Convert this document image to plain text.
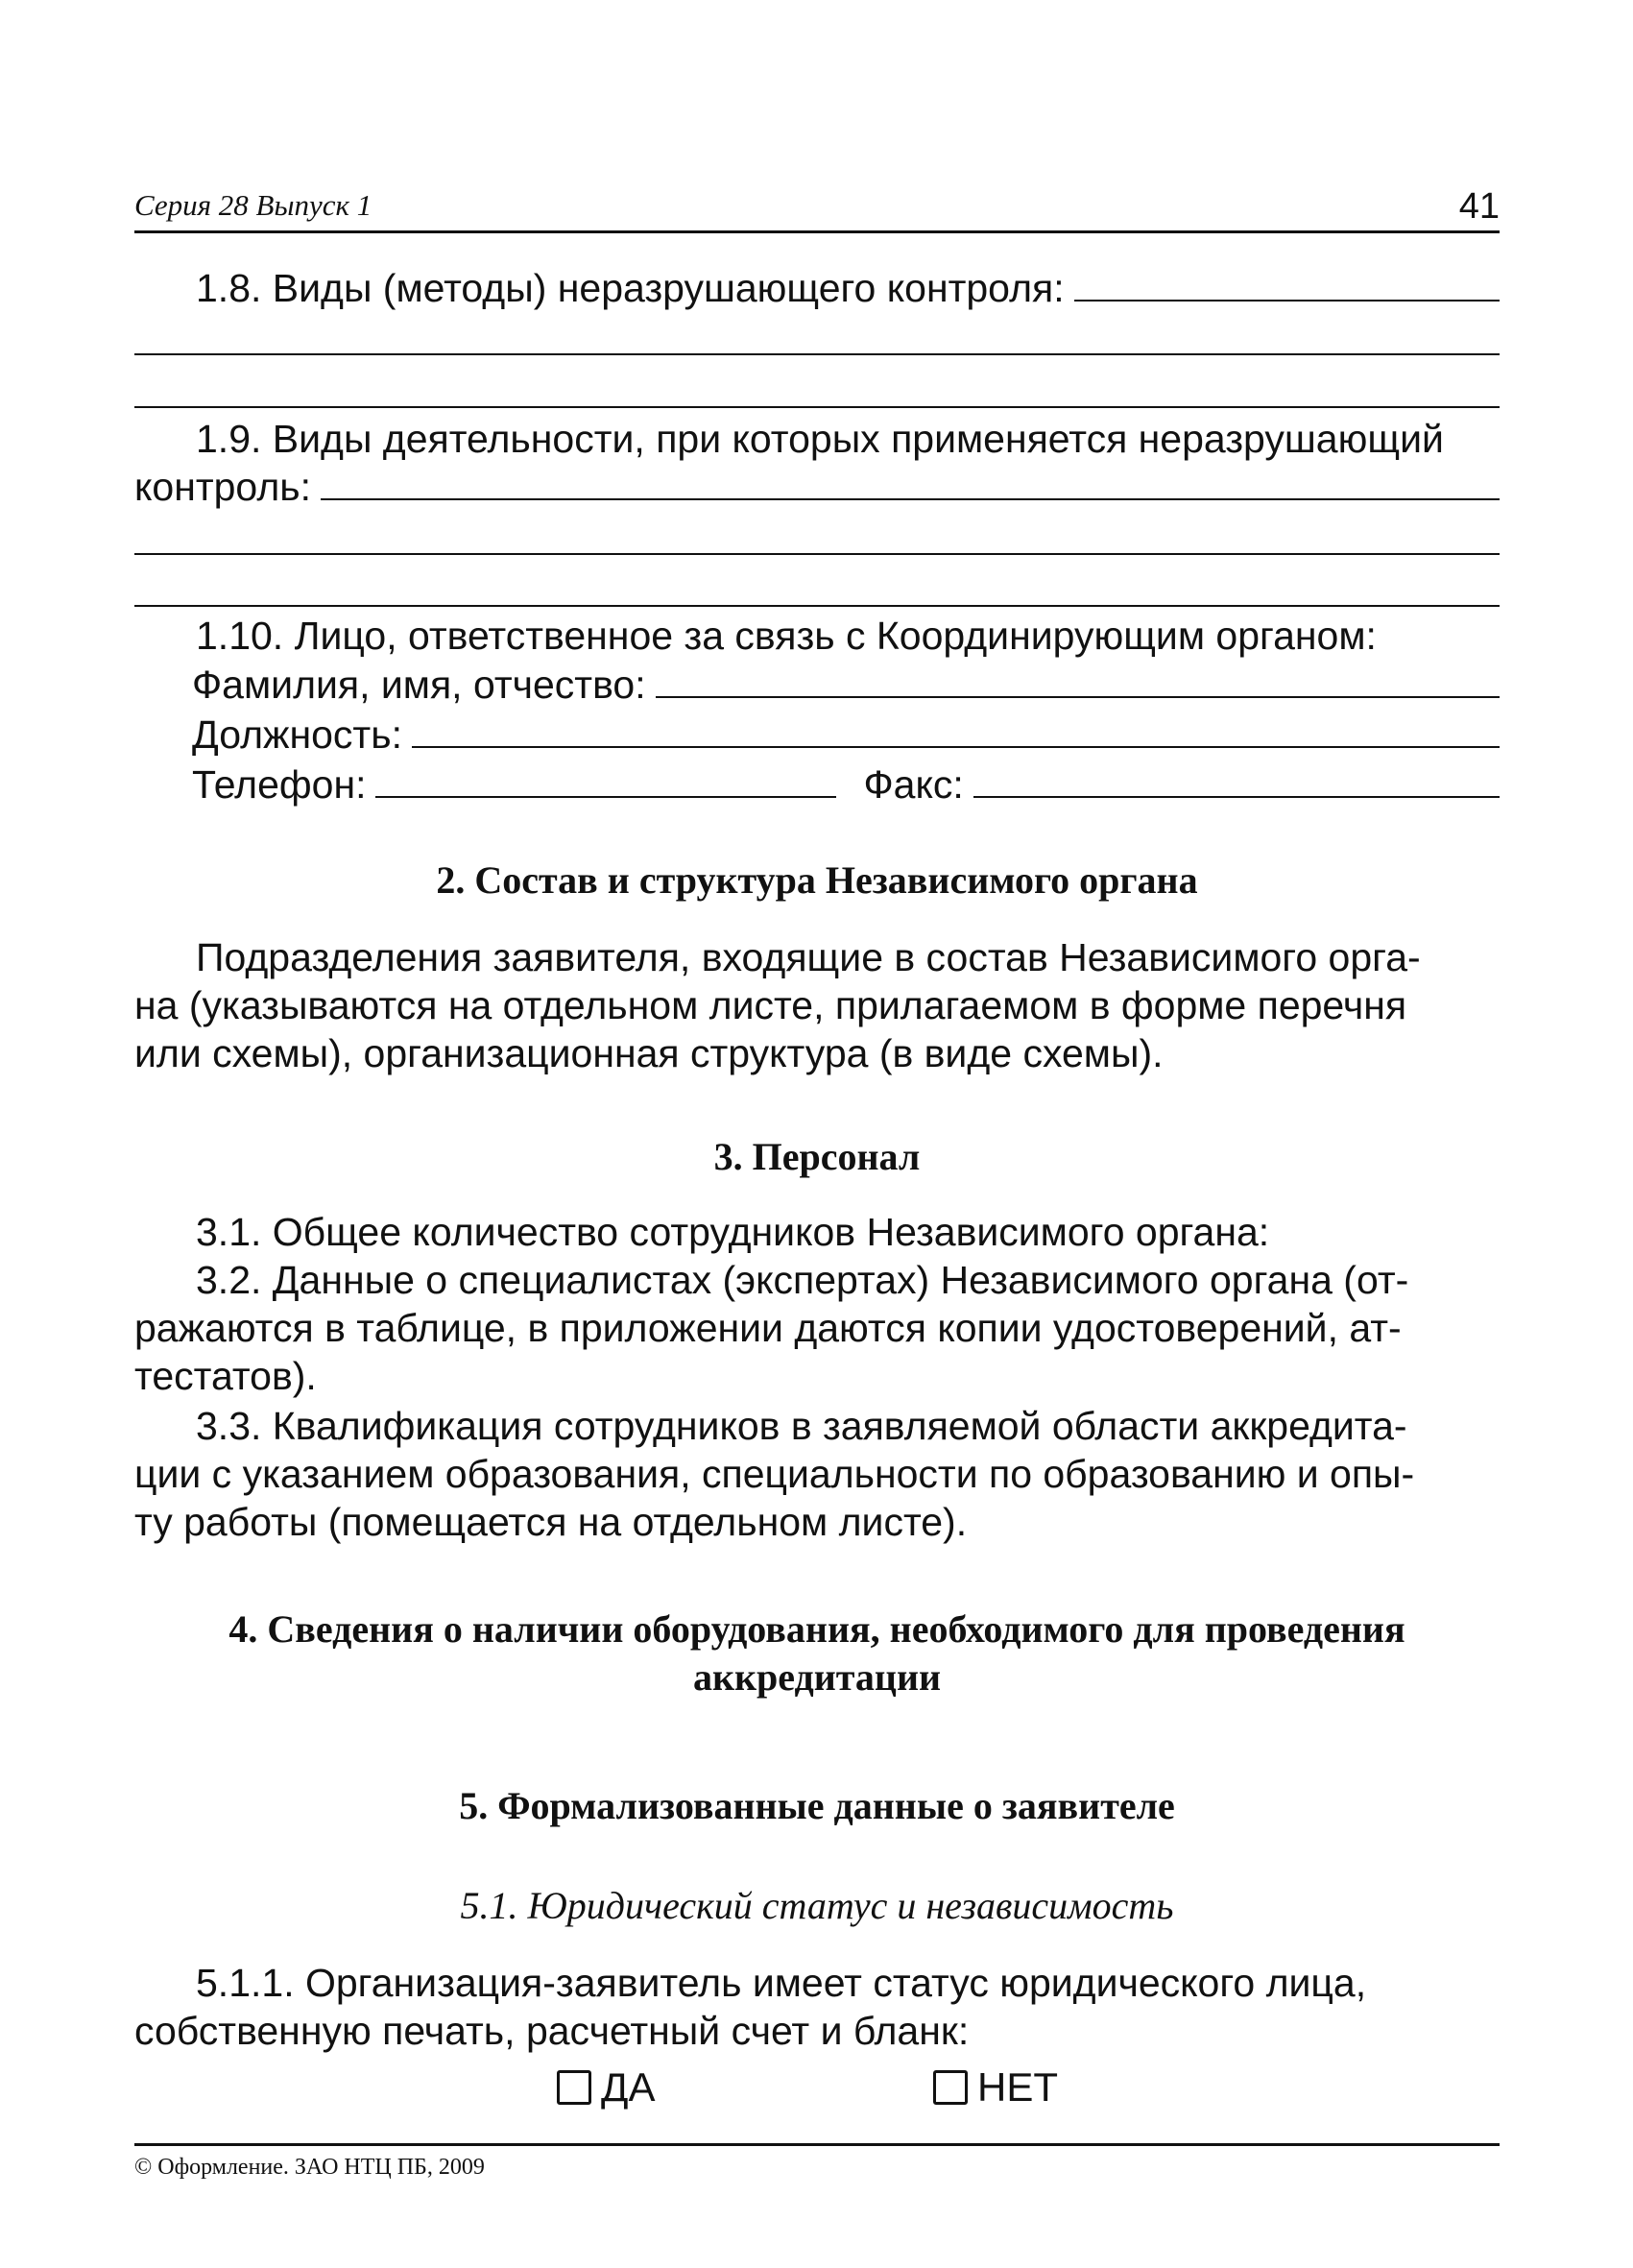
Серия 28 Выпуск 1	41
1.8. Виды (методы) неразрушающего контроля:
1.9. Виды деятельности, при которых применяется неразрушающий
контроль:
1.10. Лицо, ответственное за связь с Координирующим органом:
Фамилия, имя, отчество:
Должность:
Телефон:	Факс:
2. Состав и структура Независимого органа
Подразделения заявителя, входящие в состав Независимого орга-
на (указываются на отдельном листе, прилагаемом в форме перечня
или схемы), организационная структура (в виде схемы).
3. Персонал
3.1. Общее количество сотрудников Независимого органа:
3.2. Данные о специалистах (экспертах) Независимого органа (от-
ражаются в таблице, в приложении даются копии удостоверений, ат-
тестатов).
3.3. Квалификация сотрудников в заявляемой области аккредита-
ции с указанием образования, специальности по образованию и опы-
ту работы (помещается на отдельном листе).
4. Сведения о наличии оборудования, необходимого для проведения
аккредитации
5. Формализованные данные о заявителе
5.1. Юридический статус и независимость
5.1.1. Организация-заявитель имеет статус юридического лица,
собственную печать, расчетный счет и бланк:
ДА	НЕТ
© Оформление. ЗАО НТЦ ПБ, 2009
